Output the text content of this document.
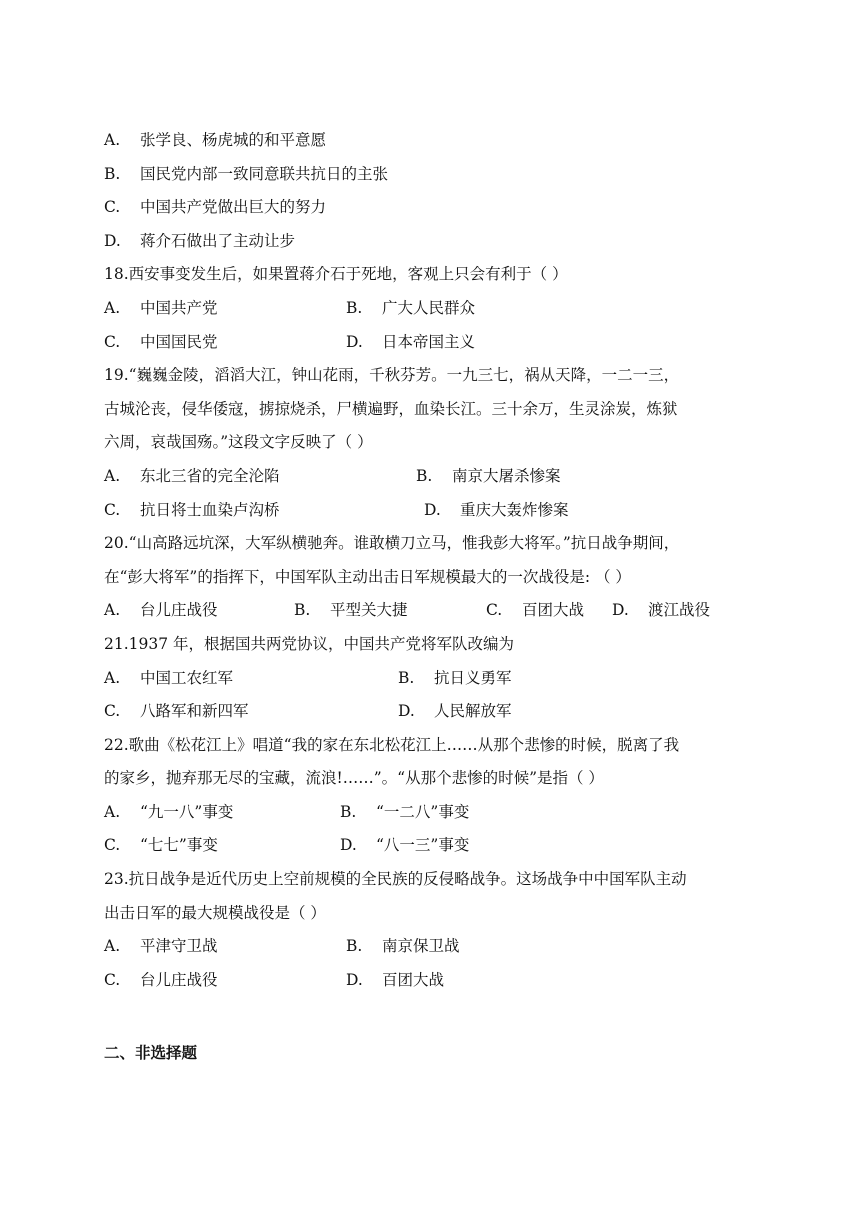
A. 张学良、杨虎城的和平意愿
B. 国民党内部一致同意联共抗日的主张
C. 中国共产党做出巨大的努力
D. 蒋介石做出了主动让步
18.西安事变发生后，如果置蒋介石于死地，客观上只会有利于（ ）
A. 中国共产党	B. 广大人民群众
C. 中国国民党	D. 日本帝国主义
19.“巍巍金陵，滔滔大江，钟山花雨，千秋芬芳。一九三七，祸从天降，一二一三，
古城沦丧，侵华倭寇，掳掠烧杀，尸横遍野，血染长江。三十余万，生灵涂炭，炼狱
六周，哀哉国殇。”这段文字反映了（ ）
A. 东北三省的完全沦陷	B. 南京大屠杀惨案
C. 抗日将士血染卢沟桥	D. 重庆大轰炸惨案
20.“山高路远坑深，大军纵横驰奔。谁敢横刀立马，惟我彭大将军。”抗日战争期间，
在“彭大将军”的指挥下，中国军队主动出击日军规模最大的一次战役是: （ ）
A. 台儿庄战役	B. 平型关大捷	C. 百团大战 D. 渡江战役
21.1937 年，根据国共两党协议，中国共产党将军队改编为
A. 中国工农红军	B. 抗日义勇军
C. 八路军和新四军	D. 人民解放军
22.歌曲《松花江上》唱道“我的家在东北松花江上……从那个悲惨的时候，脱离了我
的家乡，抛弃那无尽的宝藏，流浪!……”。“从那个悲惨的时候”是指（ ）
A. “九一八”事变	B. “一二八”事变
C. “七七”事变	D. “八一三”事变
23.抗日战争是近代历史上空前规模的全民族的反侵略战争。这场战争中中国军队主动
出击日军的最大规模战役是（ ）
A. 平津守卫战	B. 南京保卫战
C. 台儿庄战役	D. 百团大战
二、非选择题
